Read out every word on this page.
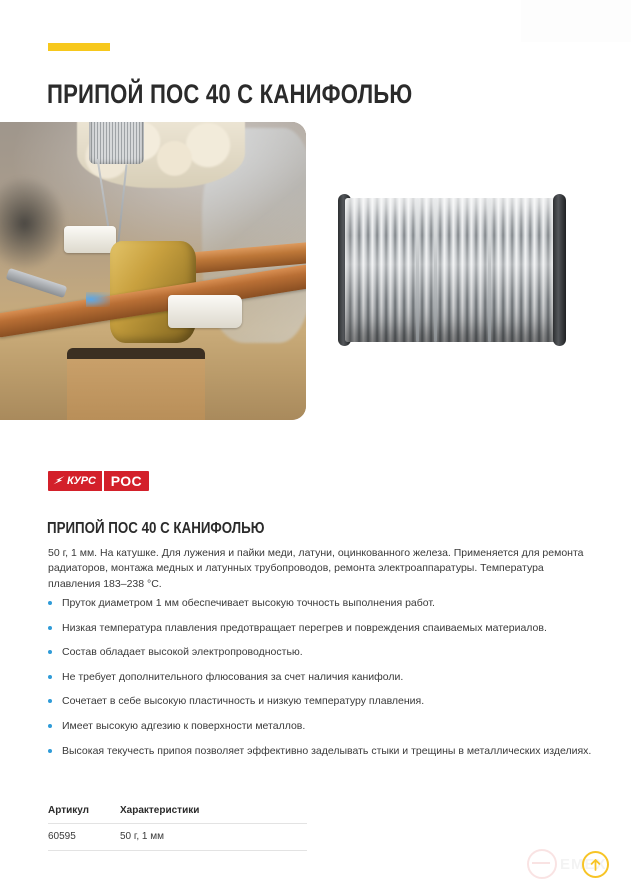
ПРИПОЙ ПОС 40 С КАНИФОЛЬЮ
КУРС	РОС
ПРИПОЙ ПОС 40 С КАНИФОЛЬЮ

50 г, 1 мм. На катушке. Для лужения и пайки меди, латуни, оцинкованного железа. Применяется для ремонта радиаторов, монтажа медных и латунных трубопроводов, ремонта электроаппаратуры. Температура плавления 183–238 °C.

Пруток диаметром 1 мм обеспечивает высокую точность выполнения работ.
Низкая температура плавления предотвращает перегрев и повреждения спаиваемых материалов.
Состав обладает высокой электропроводностью.
Не требует дополнительного флюсования за счет наличия канифоли.
Сочетает в себе высокую пластичность и низкую температуру плавления.
Имеет высокую адгезию к поверхности металлов.
Высокая текучесть припоя позволяет эффективно заделывать стыки и трещины в металлических изделиях.
Артикул	Характеристики
60595	50 г, 1 мм
EMEX
